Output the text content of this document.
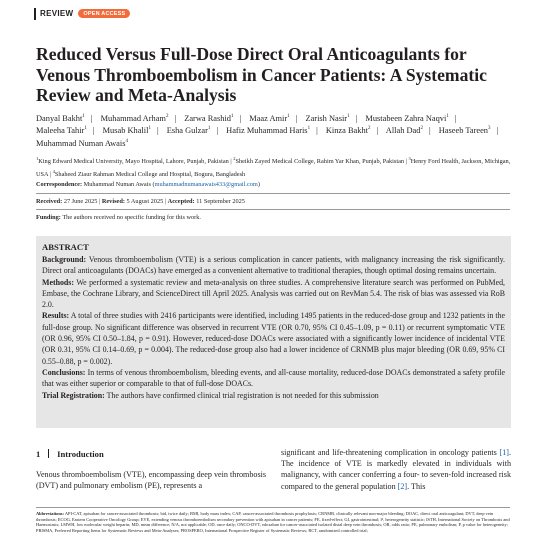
REVIEW	OPEN ACCESS
Reduced Versus Full-Dose Direct Oral Anticoagulants for Venous Thromboembolism in Cancer Patients: A Systematic Review and Meta-Analysis
Danyal Bakht$^1$ | Muhammad Arham$^2$ | Zarwa Rashid$^1$ | Maaz Amir$^1$ | Zarish Nasir$^1$ | Mustabeen Zahra Naqvi$^1$ | Maleeha Tahir$^1$ | Musab Khalil$^1$ | Esha Gulzar$^1$ | Hafiz Muhammad Haris$^1$ | Kinza Bakht$^2$ | Allah Dad$^2$ | Haseeb Tareen$^3$ | Muhammad Numan Awais$^4$
$^1$King Edward Medical University, Mayo Hospital, Lahore, Punjab, Pakistan | $^2$Sheikh Zayed Medical College, Rahim Yar Khan, Punjab, Pakistan | $^3$Henry Ford Health, Jackson, Michigan, USA | $^4$Shaheed Ziaur Rahman Medical College and Hospital, Bogura, Bangladesh
Correspondence: Muhammad Numan Awais (muhammadnumanawais433@gmail.com)
Received: 27 June 2025 | Revised: 5 August 2025 | Accepted: 11 September 2025
Funding: The authors received no specific funding for this work.
ABSTRACT

Background: Venous thromboembolism (VTE) is a serious complication in cancer patients, with malignancy increasing the risk significantly. Direct oral anticoagulants (DOACs) have emerged as a convenient alternative to traditional therapies, though optimal dosing remains uncertain.

Methods: We performed a systematic review and meta-analysis on three studies. A comprehensive literature search was performed on PubMed, Embase, the Cochrane Library, and ScienceDirect till April 2025. Analysis was carried out on RevMan 5.4. The risk of bias was assessed via RoB 2.0.

Results: A total of three studies with 2416 participants were identified, including 1495 patients in the reduced-dose group and 1232 patients in the full-dose group. No significant difference was observed in recurrent VTE (OR 0.70, 95% CI 0.45–1.09, p = 0.11) or recurrent symptomatic VTE (OR 0.96, 95% CI 0.50–1.84, p = 0.91). However, reduced-dose DOACs were associated with a significantly lower incidence of incidental VTE (OR 0.31, 95% CI 0.14–0.69, p = 0.004). The reduced-dose group also had a lower incidence of CRNMB plus major bleeding (OR 0.69, 95% CI 0.55–0.88, p = 0.002).

Conclusions: In terms of venous thromboembolism, bleeding events, and all-cause mortality, reduced-dose DOACs demonstrated a safety profile that was either superior or comparable to that of full-dose DOACs.

Trial Registration: The authors have confirmed clinical trial registration is not needed for this submission

1 Introduction
Venous thromboembolism (VTE), encompassing deep vein thrombosis (DVT) and pulmonary embolism (PE), represents a
significant and life-threatening complication in oncology patients [1]. The incidence of VTE is markedly elevated in individuals with malignancy, with cancer conferring a four- to seven-fold increased risk compared to the general population [2]. This
Abbreviations: API-CAT, apixaban for cancer-associated thrombosis; bid, twice daily; BMI, body mass index; CAP, cancer-associated thrombosis prophylaxis; CRNMB, clinically relevant non-major bleeding; DOAC, direct oral anticoagulant; DVT, deep vein thrombosis; ECOG, Eastern Cooperative Oncology Group; EVE, extending venous thromboembolism secondary prevention with apixaban in cancer patients; FE, fixed-effect; GI, gastrointestinal; I², heterogeneity statistic; ISTH, International Society on Thrombosis and Haemostasis; LMWH, low molecular weight heparin; MD, mean difference; N/A, not applicable; OD, once daily; ONCO-DVT, edoxaban for cancer-associated isolated distal deep vein thrombosis; OR, odds ratio; PE, pulmonary embolism; P, p value for heterogeneity; PRISMA, Preferred Reporting Items for Systematic Reviews and Meta-Analyses; PROSPERO, International Prospective Register of Systematic Reviews; RCT, randomized controlled trial;
